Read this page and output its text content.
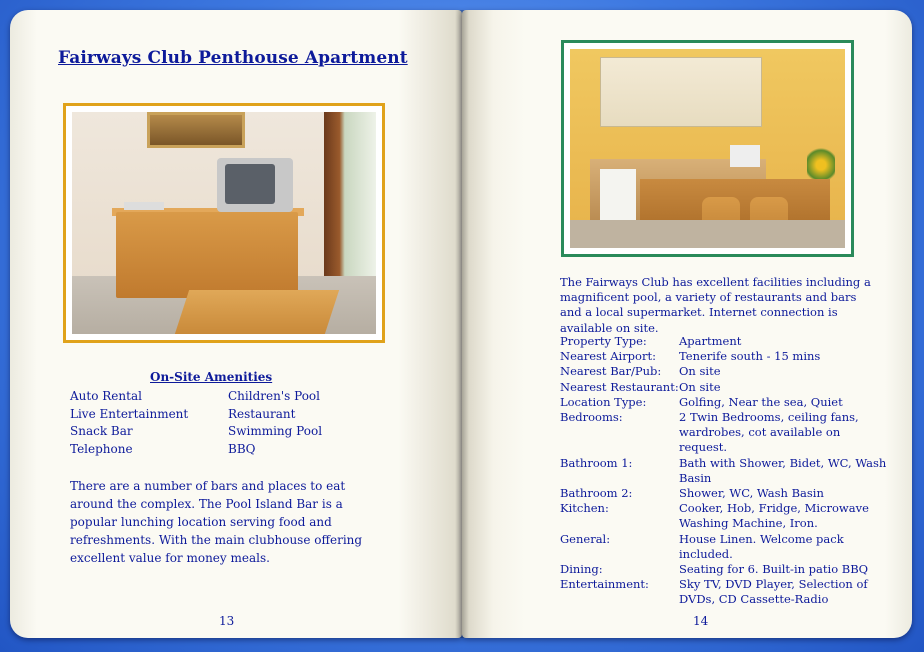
Fairways Club Penthouse Apartment
On-Site Amenities
Auto Rental	Children's Pool
Live Entertainment	Restaurant
Snack Bar	Swimming Pool
Telephone	BBQ

There are a number of bars and places to eat around the complex. The Pool Island Bar is a popular lunching location serving food and refreshments. With the main clubhouse offering excellent value for money meals.

13

The Fairways Club has excellent facilities including a magnificent pool, a variety of restaurants and bars and a local supermarket. Internet connection is available on site.

Property Type:	Apartment
Nearest Airport:	Tenerife south - 15 mins
Nearest Bar/Pub:	On site
Nearest Restaurant: On site
Location Type:	Golfing, Near the sea, Quiet
Bedrooms:	2 Twin Bedrooms, ceiling fans, wardrobes, cot available on request.
Bathroom 1:	Bath with Shower, Bidet, WC, Wash Basin
Bathroom 2:	Shower, WC, Wash Basin
Kitchen:	Cooker, Hob, Fridge, Microwave Washing Machine, Iron.
General:	House Linen. Welcome pack included.
Dining:	Seating for 6. Built-in patio BBQ
Entertainment:	Sky TV, DVD Player, Selection of DVDs, CD Cassette-Radio
14
